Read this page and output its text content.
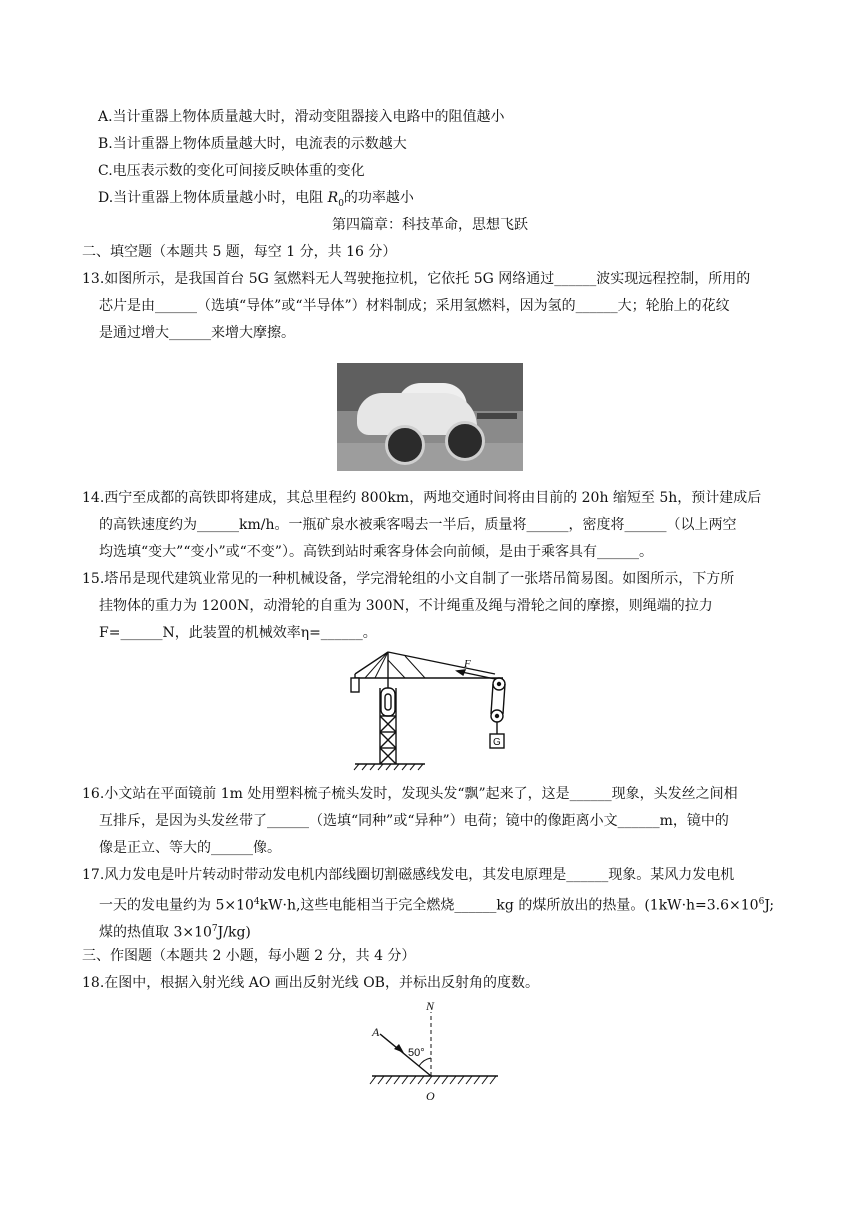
A.当计重器上物体质量越大时，滑动变阻器接入电路中的阻值越小
B.当计重器上物体质量越大时，电流表的示数越大
C.电压表示数的变化可间接反映体重的变化
D.当计重器上物体质量越小时，电阻 $R_0$的功率越小
第四篇章：科技革命，思想飞跃
二、填空题（本题共 5 题，每空 1 分，共 16 分）
13.如图所示，是我国首台 5G 氢燃料无人驾驶拖拉机，它依托 5G 网络通过______波实现远程控制，所用的
芯片是由______（选填“导体”或“半导体”）材料制成；采用氢燃料，因为氢的______大；轮胎上的花纹
是通过增大______来增大摩擦。
14.西宁至成都的高铁即将建成，其总里程约 800km，两地交通时间将由目前的 20h 缩短至 5h，预计建成后
的高铁速度约为______km/h。一瓶矿泉水被乘客喝去一半后，质量将______，密度将______（以上两空
均选填“变大”“变小”或“不变”）。高铁到站时乘客身体会向前倾，是由于乘客具有______。
15.塔吊是现代建筑业常见的一种机械设备，学完滑轮组的小文自制了一张塔吊简易图。如图所示，下方所
挂物体的重力为 1200N，动滑轮的自重为 300N，不计绳重及绳与滑轮之间的摩擦，则绳端的拉力
F=______N，此装置的机械效率η=______。
F
G
16.小文站在平面镜前 1m 处用塑料梳子梳头发时，发现头发“飘”起来了，这是______现象，头发丝之间相
互排斥，是因为头发丝带了______（选填“同种”或“异种”）电荷；镜中的像距离小文______m，镜中的
像是正立、等大的______像。
17.风力发电是叶片转动时带动发电机内部线圈切割磁感线发电，其发电原理是______现象。某风力发电机
一天的发电量约为 $5\times 10^4kW\cdot h$,这些电能相当于完全燃烧______kg 的煤所放出的热量。($1kW\cdot h=3.6\times 10^6J$;
煤的热值取 $3\times 10^7J/kg$)
三、作图题（本题共 2 小题，每小题 2 分，共 4 分）
18.在图中，根据入射光线 AO 画出反射光线 OB，并标出反射角的度数。
A
N
O
50°
